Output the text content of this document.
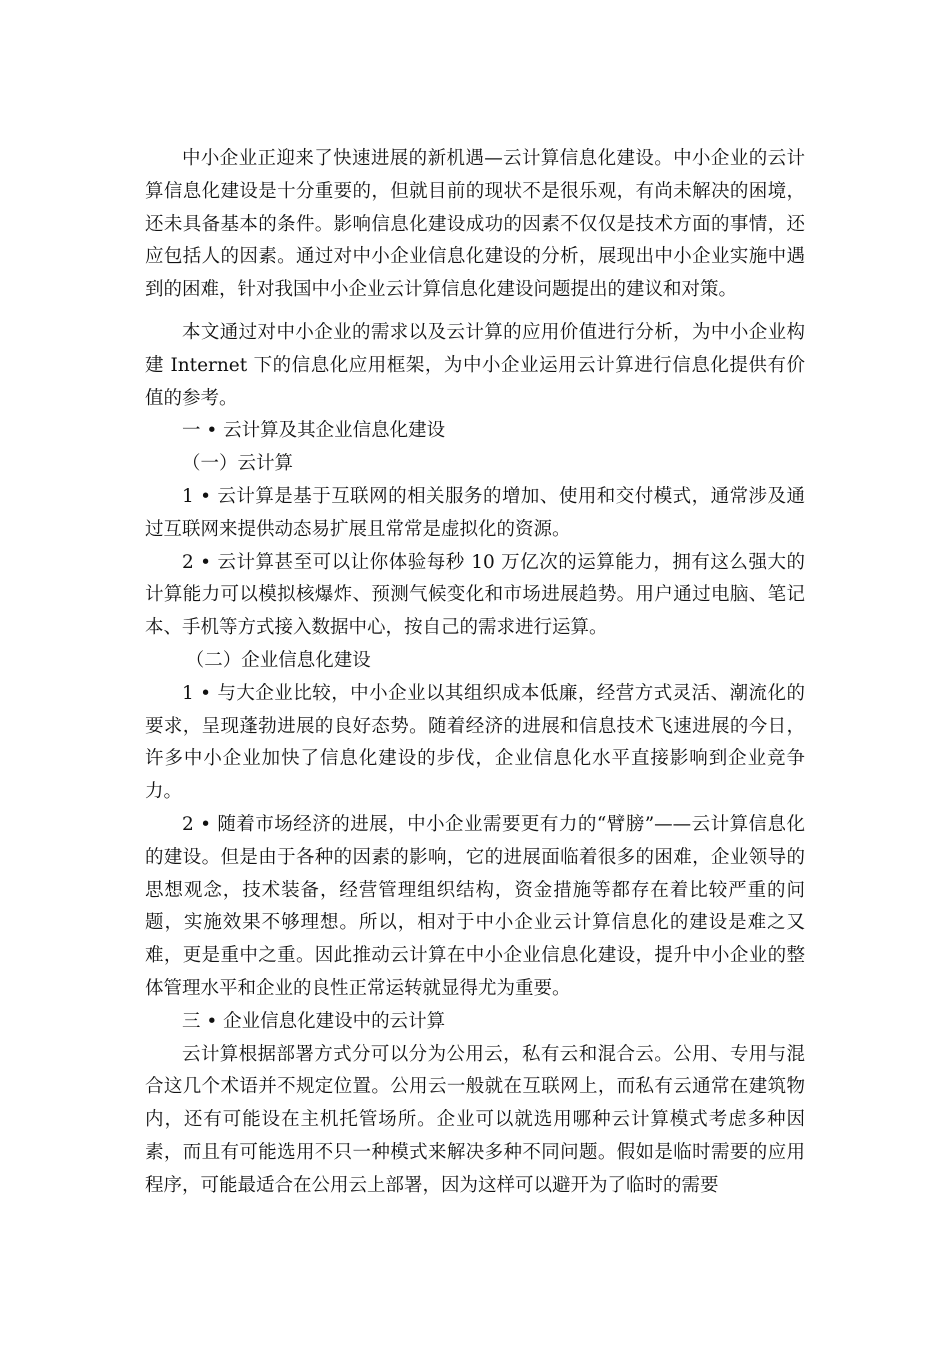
中小企业正迎来了快速进展的新机遇—云计算信息化建设。中小企业的云计算信息化建设是十分重要的，但就目前的现状不是很乐观，有尚未解决的困境，还未具备基本的条件。影响信息化建设成功的因素不仅仅是技术方面的事情，还应包括人的因素。通过对中小企业信息化建设的分析，展现出中小企业实施中遇到的困难，针对我国中小企业云计算信息化建设问题提出的建议和对策。

本文通过对中小企业的需求以及云计算的应用价值进行分析，为中小企业构建 Internet 下的信息化应用框架，为中小企业运用云计算进行信息化提供有价值的参考。

一 • 云计算及其企业信息化建设

（一）云计算

1 • 云计算是基于互联网的相关服务的增加、使用和交付模式，通常涉及通过互联网来提供动态易扩展且常常是虚拟化的资源。

2 • 云计算甚至可以让你体验每秒 10 万亿次的运算能力，拥有这么强大的计算能力可以模拟核爆炸、预测气候变化和市场进展趋势。用户通过电脑、笔记本、手机等方式接入数据中心，按自己的需求进行运算。

（二）企业信息化建设

1 • 与大企业比较，中小企业以其组织成本低廉，经营方式灵活、潮流化的要求，呈现蓬勃进展的良好态势。随着经济的进展和信息技术飞速进展的今日，许多中小企业加快了信息化建设的步伐，企业信息化水平直接影响到企业竞争力。

2 • 随着市场经济的进展，中小企业需要更有力的“臂膀”——云计算信息化的建设。但是由于各种的因素的影响，它的进展面临着很多的困难，企业领导的思想观念，技术装备，经营管理组织结构，资金措施等都存在着比较严重的问题，实施效果不够理想。所以，相对于中小企业云计算信息化的建设是难之又难，更是重中之重。因此推动云计算在中小企业信息化建设，提升中小企业的整体管理水平和企业的良性正常运转就显得尤为重要。

三 • 企业信息化建设中的云计算

云计算根据部署方式分可以分为公用云，私有云和混合云。公用、专用与混合这几个术语并不规定位置。公用云一般就在互联网上，而私有云通常在建筑物内，还有可能设在主机托管场所。企业可以就选用哪种云计算模式考虑多种因素，而且有可能选用不只一种模式来解决多种不同问题。假如是临时需要的应用程序，可能最适合在公用云上部署，因为这样可以避开为了临时的需要
